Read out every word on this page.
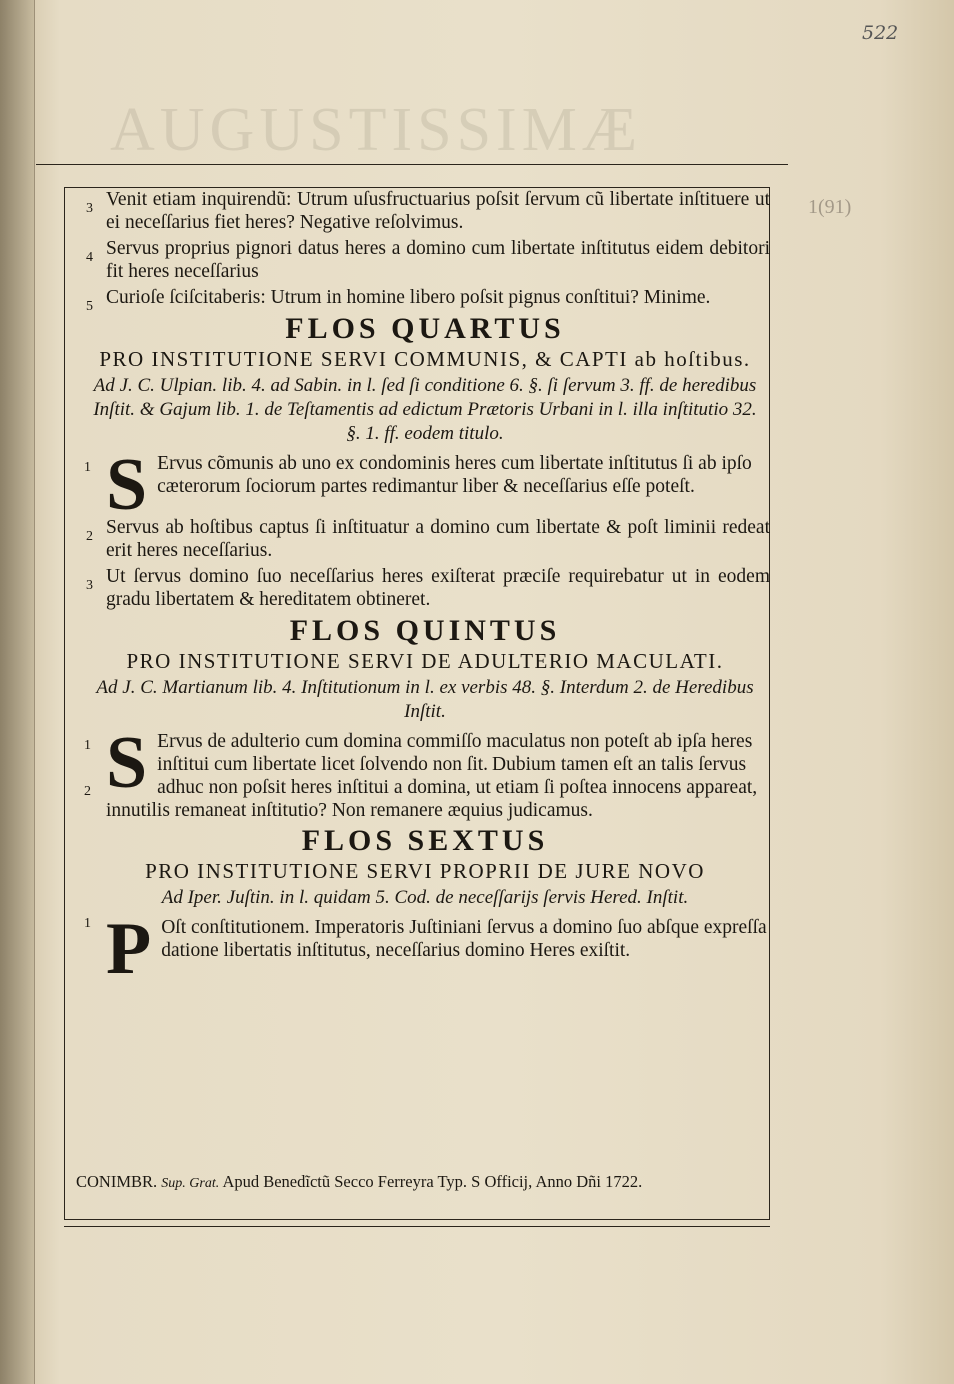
AUGUSTISSIMÆ
522
1(91)
3 Venit etiam inquirendũ: Utrum uſusfructuarius poſsit ſervum cũ libertate inſtituere ut ei neceſſarius fiet heres? Negative reſolvimus.
4 Servus proprius pignori datus heres a domino cum libertate inſtitutus eidem debitori fit heres neceſſarius
5 Curioſe ſciſcitaberis: Utrum in homine libero poſsit pignus conſtitui? Minime.
FLOS QUARTUS
PRO INSTITUTIONE SERVI COMMUNIS, & CAPTI ab hoſtibus.
Ad J. C. Ulpian. lib. 4. ad Sabin. in l. ſed ſi conditione 6. §. ſi ſervum 3. ff. de heredibus Inſtit. & Gajum lib. 1. de Teſtamentis ad edictum Prætoris Urbani in l. illa inſtitutio 32. §. 1. ff. eodem titulo.
1 S Ervus cõmunis ab uno ex condominis heres cum libertate inſtitutus ſi ab ipſo cæterorum ſociorum partes redimantur liber & neceſſarius eſſe poteſt.
2 Servus ab hoſtibus captus ſi inſtituatur a domino cum libertate & poſt liminii redeat erit heres neceſſarius.
3 Ut ſervus domino ſuo neceſſarius heres exiſterat præciſe requirebatur ut in eodem gradu libertatem & hereditatem obtineret.
FLOS QUINTUS
PRO INSTITUTIONE SERVI DE ADULTERIO MACULATI.
Ad J. C. Martianum lib. 4. Inſtitutionum in l. ex verbis 48. §. Interdum 2. de Heredibus Inſtit.
1
2 S Ervus de adulterio cum domina commiſſo maculatus non poteſt ab ipſa heres inſtitui cum libertate licet ſolvendo non ſit. Dubium tamen eſt an talis ſervus adhuc non poſsit heres inſtitui a domina, ut etiam ſi poſtea innocens appareat, innutilis remaneat inſtitutio? Non remanere æquius judicamus.
FLOS SEXTUS
PRO INSTITUTIONE SERVI PROPRII DE JURE NOVO
Ad Iper. Juſtin. in l. quidam 5. Cod. de neceſſarijs ſervis Hered. Inſtit.
1 P Oſt conſtitutionem. Imperatoris Juſtiniani ſervus a domino ſuo abſque expreſſa datione libertatis inſtitutus, neceſſarius domino Heres exiſtit.
CONIMBR. Sup. Grat. Apud Benedĩctũ Secco Ferreyra Typ. S Officij, Anno Dñi 1722.
